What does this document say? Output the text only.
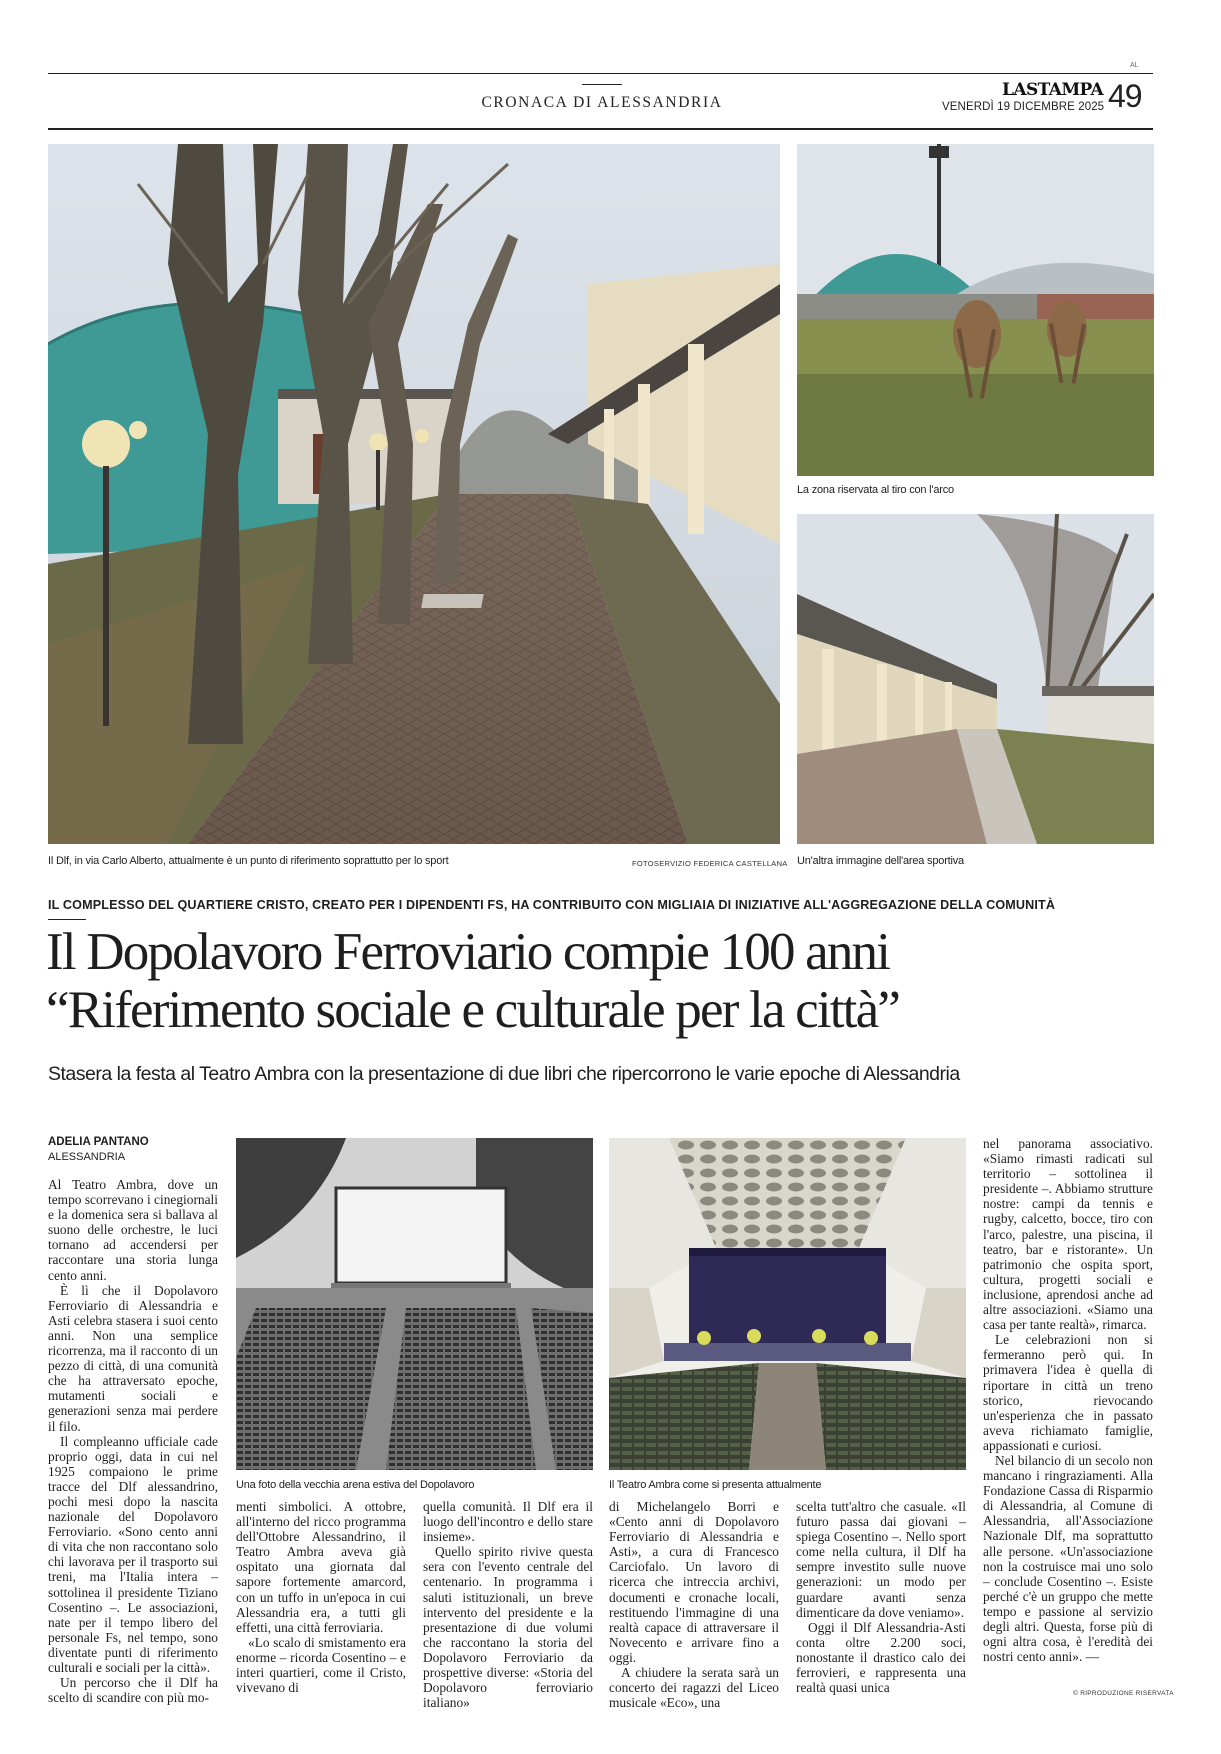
AL
CRONACA DI ALESSANDRIA
LASTAMPA
VENERDÌ 19 DICEMBRE 2025 49
Il Dlf, in via Carlo Alberto, attualmente è un punto di riferimento soprattutto per lo sport	FOTOSERVIZIO FEDERICA CASTELLANA
La zona riservata al tiro con l'arco
Un'altra immagine dell'area sportiva
IL COMPLESSO DEL QUARTIERE CRISTO, CREATO PER I DIPENDENTI FS, HA CONTRIBUITO CON MIGLIAIA DI INIZIATIVE ALL'AGGREGAZIONE DELLA COMUNITÀ
Il Dopolavoro Ferroviario compie 100 anni
“Riferimento sociale e culturale per la città”
Stasera la festa al Teatro Ambra con la presentazione di due libri che ripercorrono le varie epoche di Alessandria
ADELIA PANTANO
ALESSANDRIA
Una foto della vecchia arena estiva del Dopolavoro	Il Teatro Ambra come si presenta attualmente

Al Teatro Ambra, dove un tempo scorrevano i cinegiornali e la domenica sera si ballava al suono delle orchestre, le luci tornano ad accendersi per raccontare una storia lunga cento anni.

È lì che il Dopolavoro Ferroviario di Alessandria e Asti celebra stasera i suoi cento anni. Non una semplice ricorrenza, ma il racconto di un pezzo di città, di una comunità che ha attraversato epoche, mutamenti sociali e generazioni senza mai perdere il filo.

Il compleanno ufficiale cade proprio oggi, data in cui nel 1925 compaiono le prime tracce del Dlf alessandrino, pochi mesi dopo la nascita nazionale del Dopolavoro Ferroviario. «Sono cento anni di vita che non raccontano solo chi lavorava per il trasporto sui treni, ma l'Italia intera – sottolinea il presidente Tiziano Cosentino –. Le associazioni, nate per il tempo libero del personale Fs, nel tempo, sono diventate punti di riferimento culturali e sociali per la città».

Un percorso che il Dlf ha scelto di scandire con più mo-

menti simbolici. A ottobre, all'interno del ricco programma dell'Ottobre Alessandrino, il Teatro Ambra aveva già ospitato una giornata dal sapore fortemente amarcord, con un tuffo in un'epoca in cui Alessandria era, a tutti gli effetti, una città ferroviaria.

«Lo scalo di smistamento era enorme – ricorda Cosentino – e interi quartieri, come il Cristo, vivevano di

quella comunità. Il Dlf era il luogo dell'incontro e dello stare insieme».

Quello spirito rivive questa sera con l'evento centrale del centenario. In programma i saluti istituzionali, un breve intervento del presidente e la presentazione di due volumi che raccontano la storia del Dopolavoro Ferroviario da prospettive diverse: «Storia del Dopolavoro ferroviario italiano»

di Michelangelo Borri e «Cento anni di Dopolavoro Ferroviario di Alessandria e Asti», a cura di Francesco Carciofalo. Un lavoro di ricerca che intreccia archivi, documenti e cronache locali, restituendo l'immagine di una realtà capace di attraversare il Novecento e arrivare fino a oggi.

A chiudere la serata sarà un concerto dei ragazzi del Liceo musicale «Eco», una

scelta tutt'altro che casuale. «Il futuro passa dai giovani – spiega Cosentino –. Nello sport come nella cultura, il Dlf ha sempre investito sulle nuove generazioni: un modo per guardare avanti senza dimenticare da dove veniamo».

Oggi il Dlf Alessandria-Asti conta oltre 2.200 soci, nonostante il drastico calo dei ferrovieri, e rappresenta una realtà quasi unica

nel panorama associativo. «Siamo rimasti radicati sul territorio – sottolinea il presidente –. Abbiamo strutture nostre: campi da tennis e rugby, calcetto, bocce, tiro con l'arco, palestre, una piscina, il teatro, bar e ristorante». Un patrimonio che ospita sport, cultura, progetti sociali e inclusione, aprendosi anche ad altre associazioni. «Siamo una casa per tante realtà», rimarca.

Le celebrazioni non si fermeranno però qui. In primavera l'idea è quella di riportare in città un treno storico, rievocando un'esperienza che in passato aveva richiamato famiglie, appassionati e curiosi.

Nel bilancio di un secolo non mancano i ringraziamenti. Alla Fondazione Cassa di Risparmio di Alessandria, al Comune di Alessandria, all'Associazione Nazionale Dlf, ma soprattutto alle persone. «Un'associazione non la costruisce mai uno solo – conclude Cosentino –. Esiste perché c'è un gruppo che mette tempo e passione al servizio degli altri. Questa, forse più di ogni altra cosa, è l'eredità dei nostri cento anni». —

© RIPRODUZIONE RISERVATA
